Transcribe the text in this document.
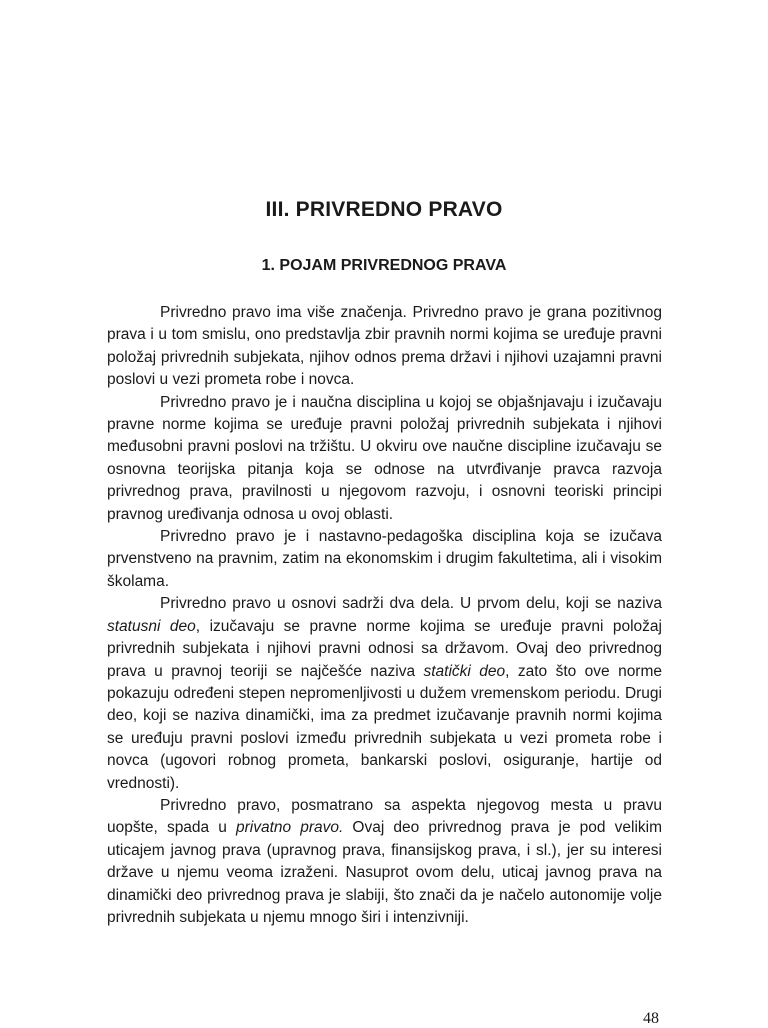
III. PRIVREDNO PRAVO
1. POJAM PRIVREDNOG PRAVA

Privredno pravo ima više značenja. Privredno pravo je grana pozitivnog prava i u tom smislu, ono predstavlja zbir pravnih normi kojima se uređuje pravni položaj privrednih subjekata, njihov odnos prema državi i njihovi uzajamni pravni poslovi u vezi prometa robe i novca.

Privredno pravo je i naučna disciplina u kojoj se objašnjavaju i izučavaju pravne norme kojima se uređuje pravni položaj privrednih subjekata i njihovi međusobni pravni poslovi na tržištu. U okviru ove naučne discipline izučavaju se osnovna teorijska pitanja koja se odnose na utvrđivanje pravca razvoja privrednog prava, pravilnosti u njegovom razvoju, i osnovni teoriski principi pravnog uređivanja odnosa u ovoj oblasti.

Privredno pravo je i nastavno-pedagoška disciplina koja se izučava prvenstveno na pravnim, zatim na ekonomskim i drugim fakultetima, ali i visokim školama.

Privredno pravo u osnovi sadrži dva dela. U prvom delu, koji se naziva statusni deo, izučavaju se pravne norme kojima se uređuje pravni položaj privrednih subjekata i njihovi pravni odnosi sa državom. Ovaj deo privrednog prava u pravnoj teoriji se najčešće naziva statički deo, zato što ove norme pokazuju određeni stepen nepromenljivosti u dužem vremenskom periodu. Drugi deo, koji se naziva dinamički, ima za predmet izučavanje pravnih normi kojima se uređuju pravni poslovi između privrednih subjekata u vezi prometa robe i novca (ugovori robnog prometa, bankarski poslovi, osiguranje, hartije od vrednosti).

Privredno pravo, posmatrano sa aspekta njegovog mesta u pravu uopšte, spada u privatno pravo. Ovaj deo privrednog prava je pod velikim uticajem javnog prava (upravnog prava, finansijskog prava, i sl.), jer su interesi države u njemu veoma izraženi. Nasuprot ovom delu, uticaj javnog prava na dinamički deo privrednog prava je slabiji, što znači da je načelo autonomije volje privrednih subjekata u njemu mnogo širi i intenzivniji.

48
